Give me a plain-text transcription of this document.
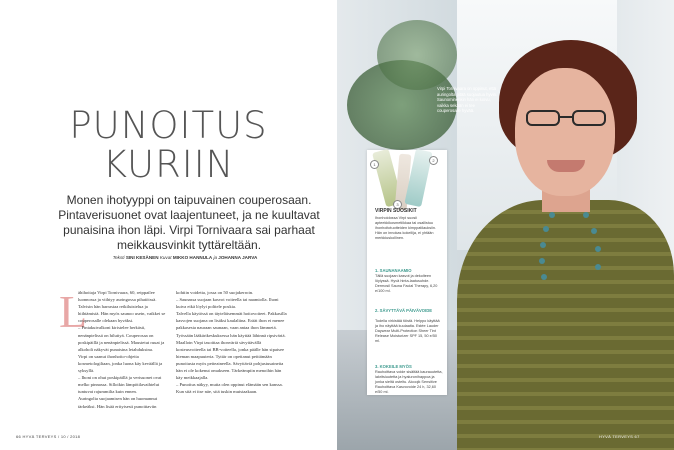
PUNOITUS
KURIIN
Monen ihotyyppi on taipuvainen couperosaan. Pintaverisuonet ovat laajentuneet, ja ne kuultavat punaisina ihon läpi. Virpi Tornivaara sai parhaat meikkausvinkit tyttäreltään.
Teksti SINI KESÄNEN Kuvat MIKKO HANNULA ja JOHANNA JARVA
L

ähihoitaja Virpi Tornivaara, 60, reippailee luonnossa ja viihtyy auringossa pihatöissä. Talvisin hän harrastaa retkiluistelua ja hiihtämistä. Hän myös saunoo usein, vaikkei se couperosalle olekaan hyväksi.

– Pintakuivalkoni kiristelee herkästi, nenänpielissä on hiluttyä. Couperosaa on poskipäillä ja nenänpielissä. Maustetut ruuat ja alkoholi näkyvät punaisina leiahduksina.

Virpi on saanut ihonhoito-ohjeita kosmetologiltaan, jonka luona käy keväällä ja syksyllä.

– Ihoni on ohut poskipäillä ja verisuonet ovat melko pinnassa. Silloikin lämpötilavaihtelut tuntuvat rajummilta kuin ennen.

Auringolta suojaamisen hän on huomannut tärkeäksi. Hän lisää erityisesti punoittaviin

kohtiin voidetta, jossa on 50 suojakerroin.

– Saunassa suojaan kasvot voiteella tai naamiolla. Ihoni kuiva eikä löylyt polttele poskia.

Talvella käytössä on täyteläisemmät hoitovoiteet. Pakkasilla kasvojen suojana on lisäksi kaulaliina. Eräät ihon ei menee pakkasesta nauraan saunaan, vaan antaa ihon lämmetä.

Työssään lääkärikeskuksessa hän käyttää lähinnä ripsiväriä. Maalloin Virpi tasoittaa ihonväriä sävyttävällä kosteusvoiteella tai BB-voiteella, jonka päälle hän sipaisee hieman maapuuteria. Tyttär on opettanut peittämään punoitusta myös peiteaineella. Sävyttäviä pohjustusaineita hän ei ole kokenut omakseen. Tärkeämpiin menoihin hän käy meikkaajalla.

– Punoitus näkyy, mutta olen oppinut elämään sen kanssa. Kun sitä ei itse näe, sitä tuskin muistaakaan.

66 HYVÄ TERVEYS / 10 / 2018
Virpi Tornivaara on oppinut, että auringolta pitää suojautua hyvin. Saunominenkin hän ei luovu, vaikka sekään ei tee couperosalle hyvää.
1
3
2
VIRPIN SUOSIKIT
Ihonhoidossa Virpi suosii apteekkikosmetiikkaa tai osallistuu ihonhoitotuotteiden kimppatilauksiin. Hän on innokas kokeilija, ei yhtään merkkiuskollinen.
1. SAUNANAAMIO
Tällä suojaan kasvot ja dekolteen löylyssä. Hyvä hinta-laatusuhde. Dermosil Sauna Facial Therapy, 6,20 e/100 ml.
2. SÄVYTTÄVÄ PÄIVÄVOIDE
Todella virkistää töistä. Helppo käyttää ja iho näyttää kuulaalta. Estée Lauder Daywear Multi-Protection Sheer Tint Release Moisturizer SPF 15, 50 e/50 ml.
3. KOKEILE MYÖS
Rauhoittava voide sisältää kaurauutetta, lakritsiuutetta ja hyaluronihappoa ja jonka sieltä osteltu. Alcoqik Sensitive Rauhoittava Kasvovoide 24 h, 32,60 e/50 ml.
HYVÄ TERVEYS 67
